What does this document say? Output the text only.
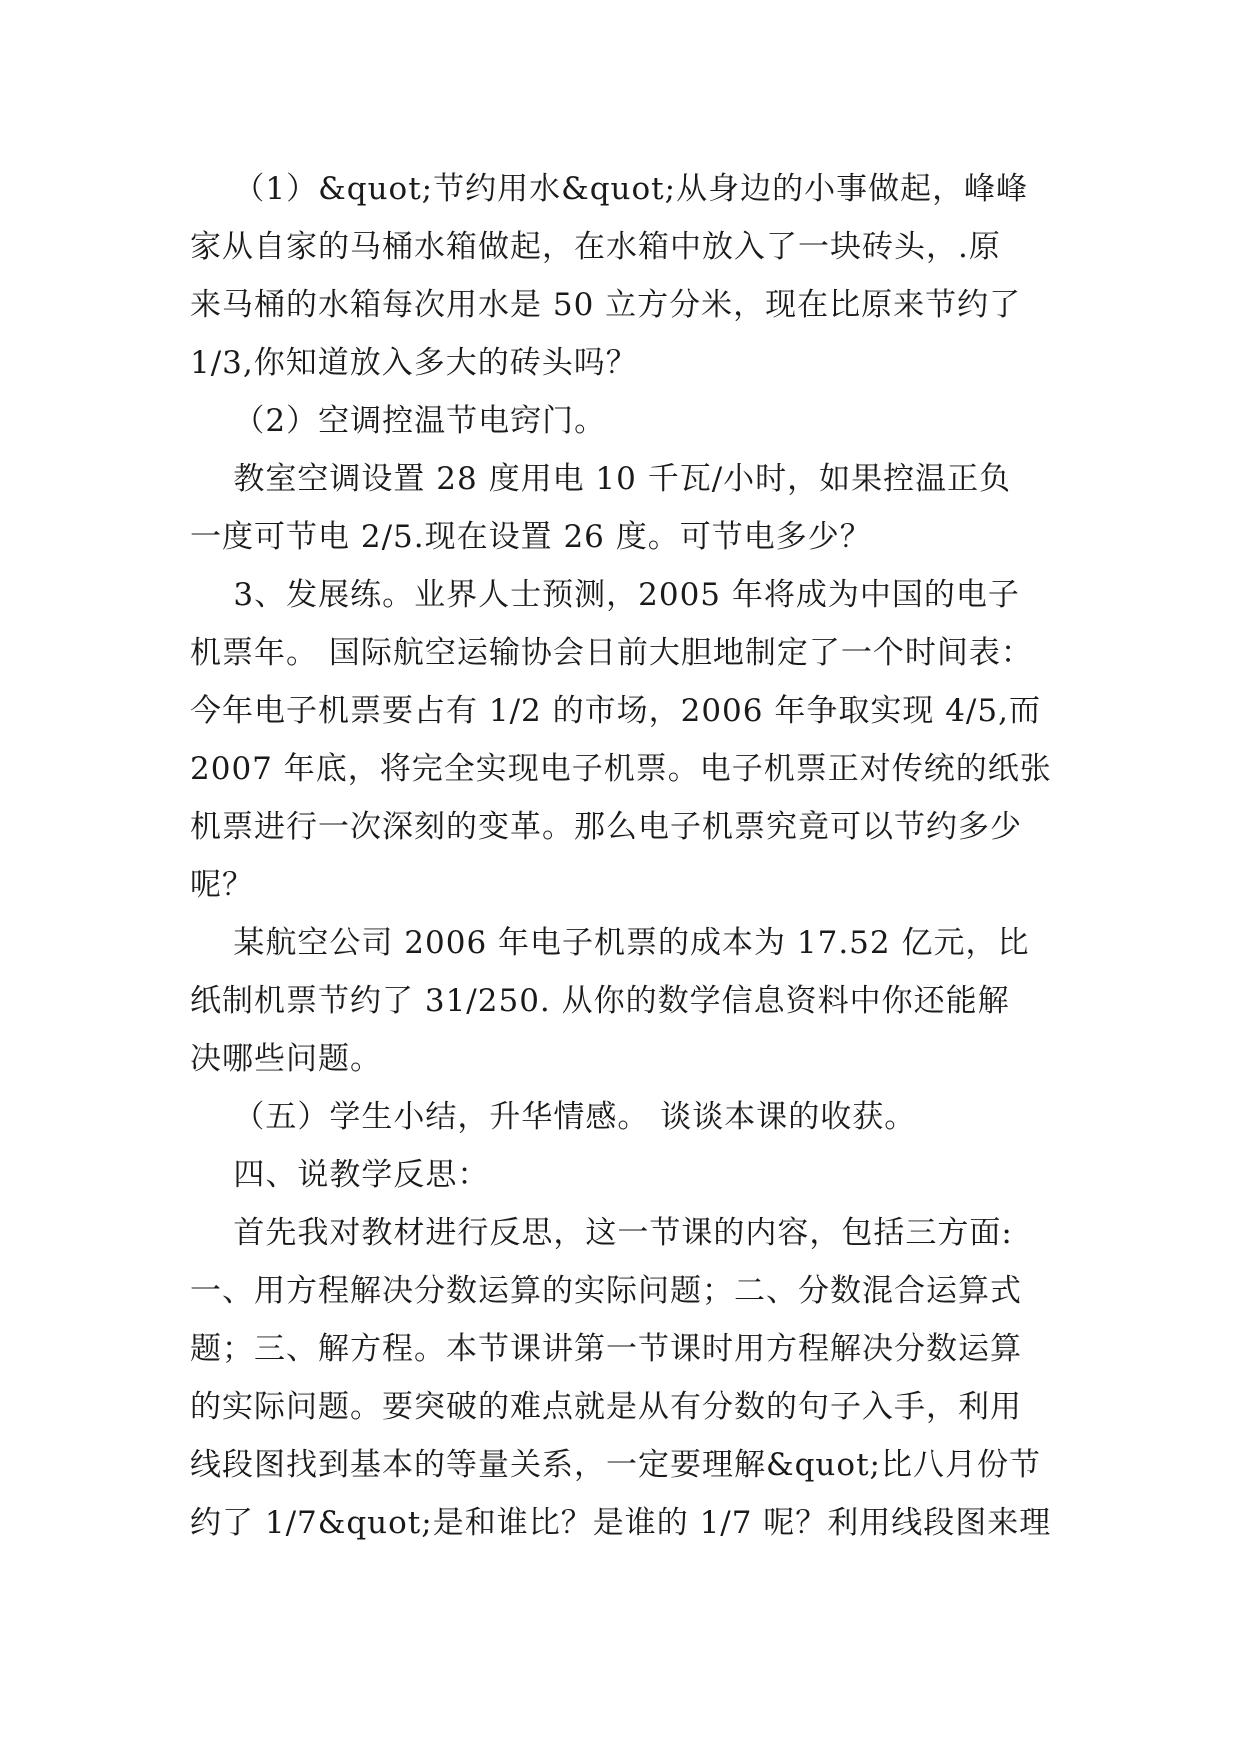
（1）&quot;节约用水&quot;从身边的小事做起，峰峰
家从自家的马桶水箱做起，在水箱中放入了一块砖头，.原
来马桶的水箱每次用水是 50 立方分米，现在比原来节约了
1/3,你知道放入多大的砖头吗？
（2）空调控温节电窍门。
教室空调设置 28 度用电 10 千瓦/小时，如果控温正负
一度可节电 2/5.现在设置 26 度。可节电多少？
3、发展练。业界人士预测，2005 年将成为中国的电子
机票年。 国际航空运输协会日前大胆地制定了一个时间表：
今年电子机票要占有 1/2 的市场，2006 年争取实现 4/5,而
2007 年底，将完全实现电子机票。电子机票正对传统的纸张
机票进行一次深刻的变革。那么电子机票究竟可以节约多少
呢？
某航空公司 2006 年电子机票的成本为 17.52 亿元，比
纸制机票节约了 31/250. 从你的数学信息资料中你还能解
决哪些问题。
（五）学生小结，升华情感。 谈谈本课的收获。
四、说教学反思：
首先我对教材进行反思，这一节课的内容，包括三方面:
一、用方程解决分数运算的实际问题；二、分数混合运算式
题；三、解方程。本节课讲第一节课时用方程解决分数运算
的实际问题。要突破的难点就是从有分数的句子入手，利用
线段图找到基本的等量关系，一定要理解&quot;比八月份节
约了 1/7&quot;是和谁比？是谁的 1/7 呢？利用线段图来理
